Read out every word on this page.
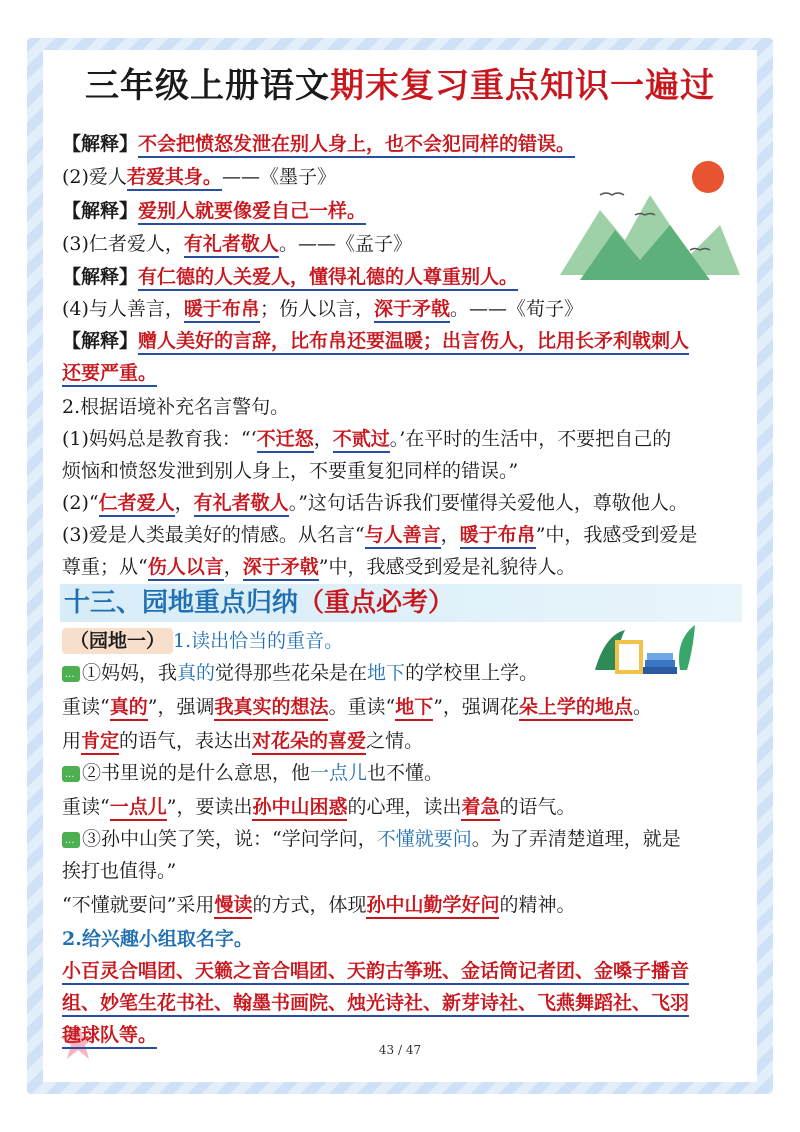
三年级上册语文期末复习重点知识一遍过
【解释】不会把愤怒发泄在别人身上，也不会犯同样的错误。
(2)爱人若爱其身。——《墨子》
【解释】爱别人就要像爱自己一样。
(3)仁者爱人，有礼者敬人。——《孟子》
【解释】有仁德的人关爱人，懂得礼德的人尊重别人。
(4)与人善言，暖于布帛；伤人以言，深于矛戟。——《荀子》
【解释】赠人美好的言辞，比布帛还要温暖；出言伤人，比用长矛利戟刺人
还要严重。
2.根据语境补充名言警句。
(1)妈妈总是教育我：“‘不迁怒，不贰过。’在平时的生活中，不要把自己的
烦恼和愤怒发泄到别人身上，不要重复犯同样的错误。”
(2)“仁者爱人，有礼者敬人。”这句话告诉我们要懂得关爱他人，尊敬他人。
(3)爱是人类最美好的情感。从名言“与人善言，暖于布帛”中，我感受到爱是
尊重；从“伤人以言，深于矛戟”中，我感受到爱是礼貌待人。
十三、园地重点归纳（重点必考）
（园地一） 1.读出恰当的重音。
···①妈妈，我真的觉得那些花朵是在地下的学校里上学。
重读“真的”，强调我真实的想法。重读“地下”，强调花朵上学的地点。
用肯定的语气，表达出对花朵的喜爱之情。
···②书里说的是什么意思，他一点儿也不懂。
重读“一点儿”，要读出孙中山困惑的心理，读出着急的语气。
···③孙中山笑了笑，说：“学问学问，不懂就要问。为了弄清楚道理，就是
挨打也值得。”
“不懂就要问”采用慢读的方式，体现孙中山勤学好问的精神。
2.给兴趣小组取名字。
小百灵合唱团、天籁之音合唱团、天韵古筝班、金话筒记者团、金嗓子播音
组、妙笔生花书社、翰墨书画院、烛光诗社、新芽诗社、飞燕舞蹈社、飞羽
毽球队等。
43 / 47
